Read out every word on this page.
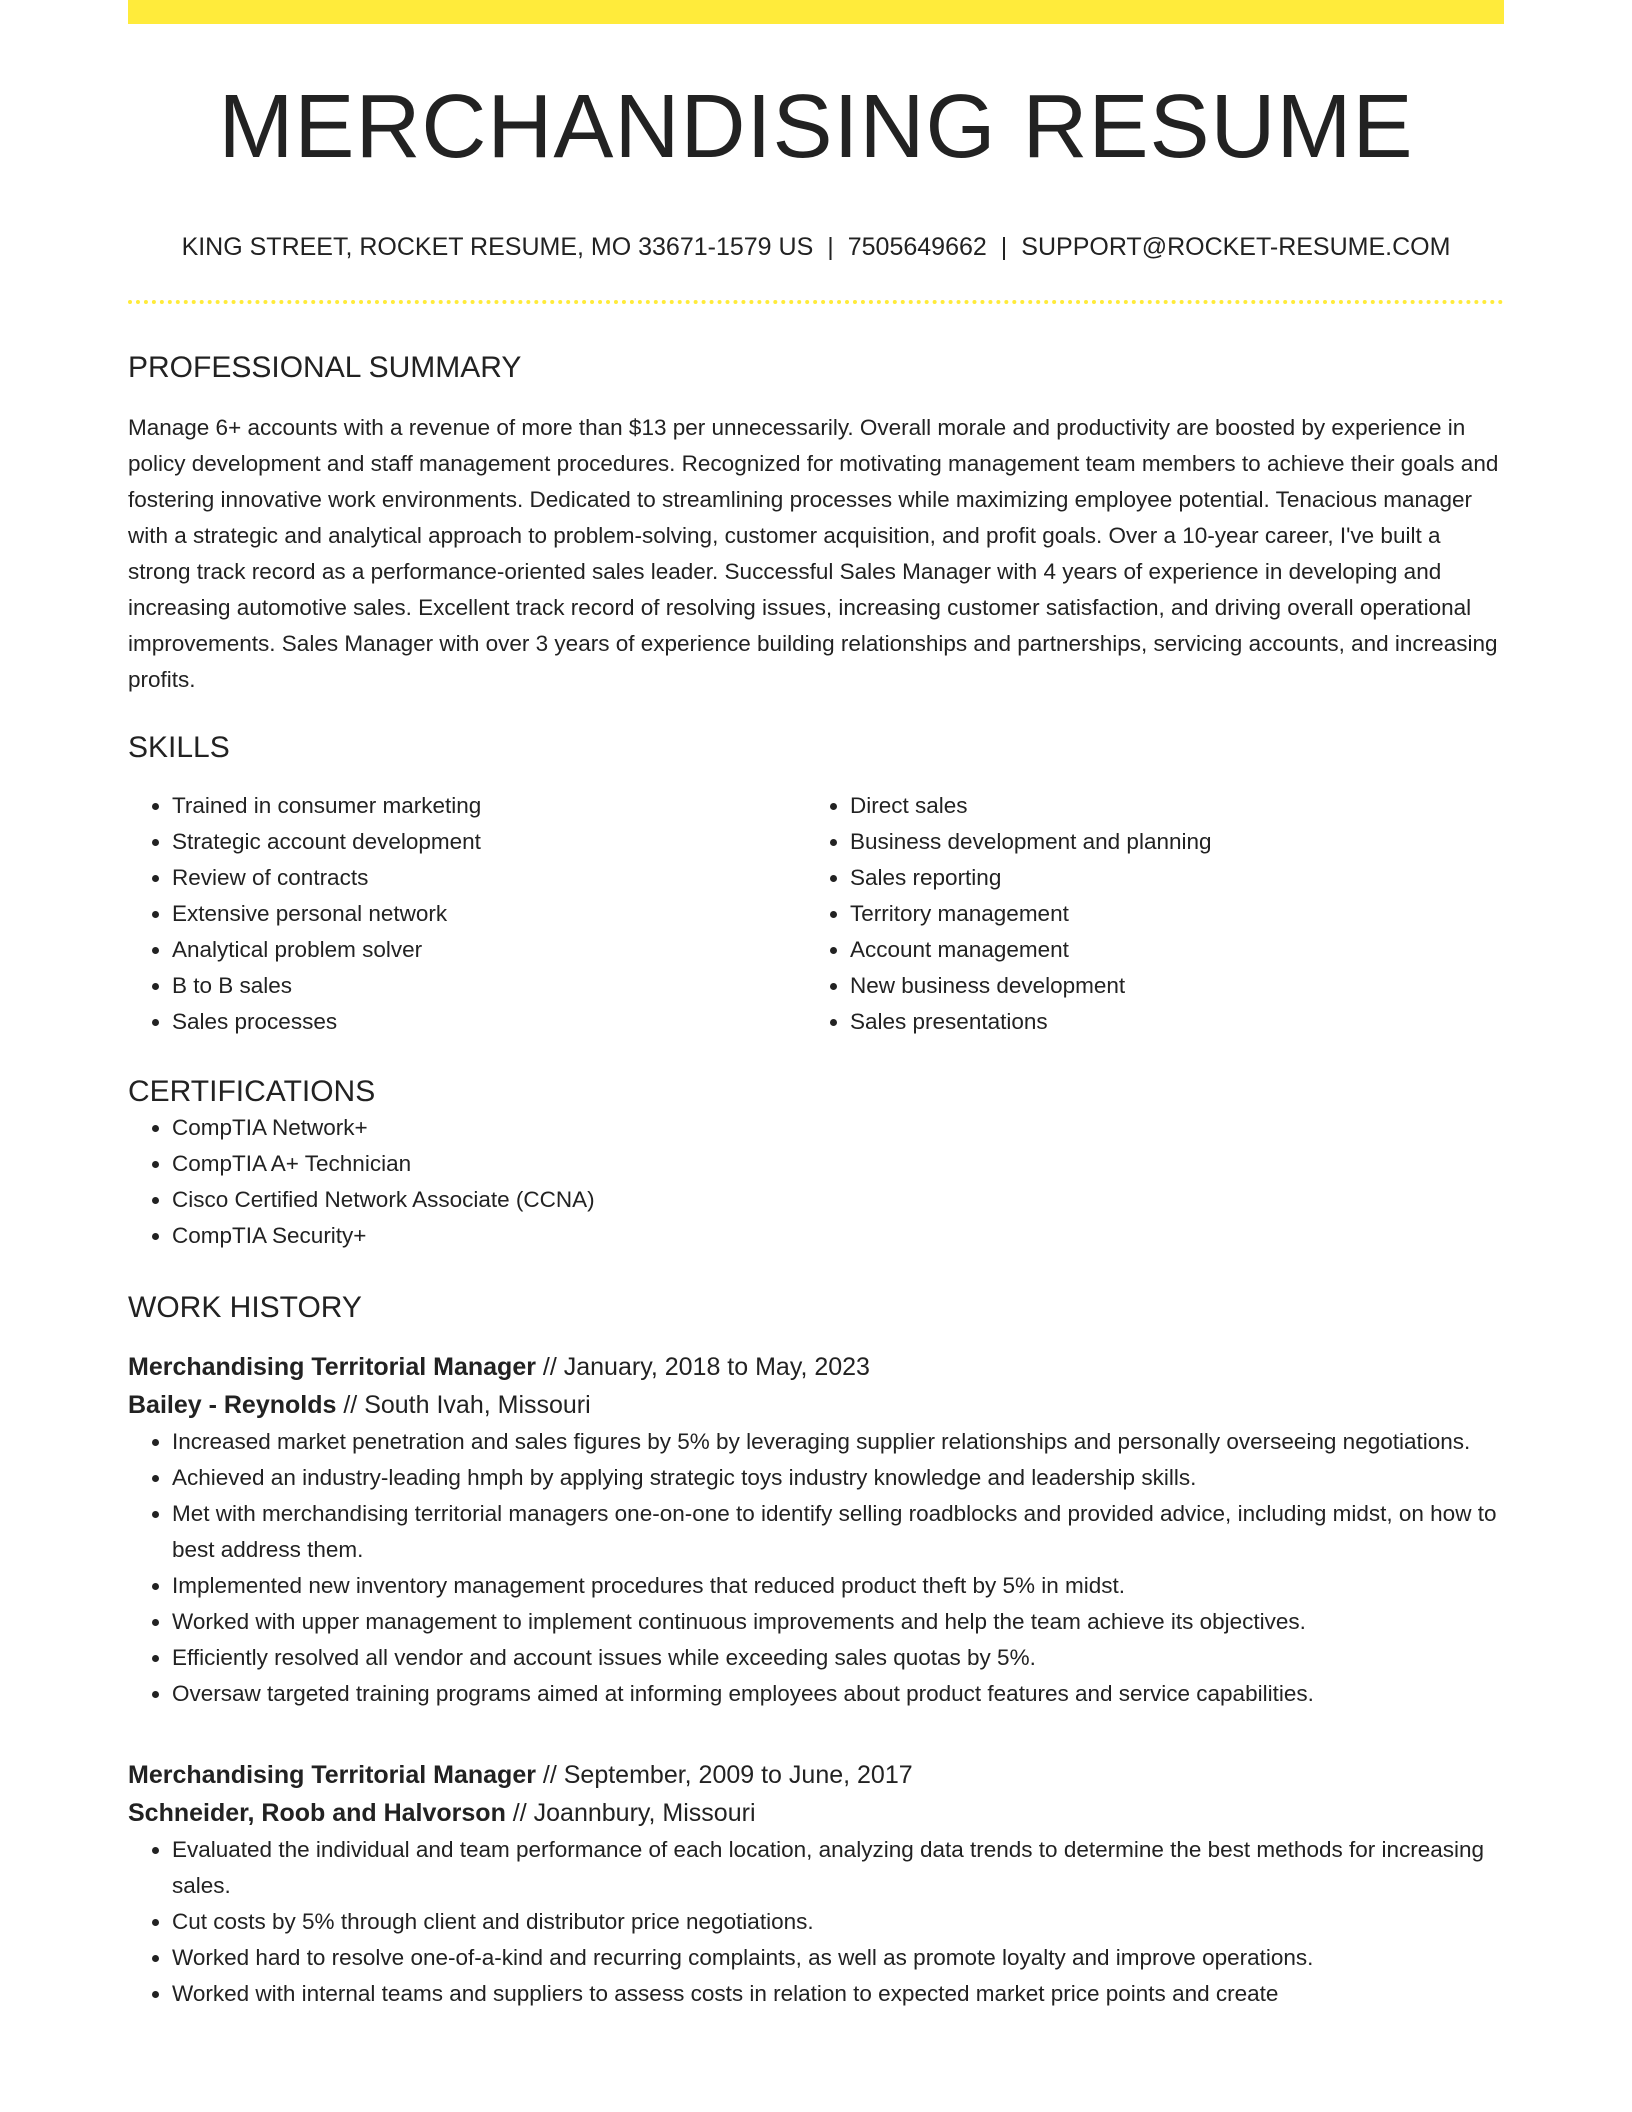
MERCHANDISING RESUME
KING STREET, ROCKET RESUME, MO 33671-1579 US | 7505649662 | SUPPORT@ROCKET-RESUME.COM
PROFESSIONAL SUMMARY

Manage 6+ accounts with a revenue of more than $13 per unnecessarily. Overall morale and productivity are boosted by experience in policy development and staff management procedures. Recognized for motivating management team members to achieve their goals and fostering innovative work environments. Dedicated to streamlining processes while maximizing employee potential. Tenacious manager with a strategic and analytical approach to problem-solving, customer acquisition, and profit goals. Over a 10-year career, I've built a strong track record as a performance-oriented sales leader. Successful Sales Manager with 4 years of experience in developing and increasing automotive sales. Excellent track record of resolving issues, increasing customer satisfaction, and driving overall operational improvements. Sales Manager with over 3 years of experience building relationships and partnerships, servicing accounts, and increasing profits.

SKILLS
• Trained in consumer marketing
• Strategic account development
• Review of contracts
• Extensive personal network
• Analytical problem solver
• B to B sales
• Sales processes
• Direct sales
• Business development and planning
• Sales reporting
• Territory management
• Account management
• New business development
• Sales presentations
CERTIFICATIONS
• CompTIA Network+
• CompTIA A+ Technician
• Cisco Certified Network Associate (CCNA)
• CompTIA Security+
WORK HISTORY
Merchandising Territorial Manager // January, 2018 to May, 2023
Bailey - Reynolds // South Ivah, Missouri
• Increased market penetration and sales figures by 5% by leveraging supplier relationships and personally overseeing negotiations.
• Achieved an industry-leading hmph by applying strategic toys industry knowledge and leadership skills.
• Met with merchandising territorial managers one-on-one to identify selling roadblocks and provided advice, including midst, on how to best address them.
• Implemented new inventory management procedures that reduced product theft by 5% in midst.
• Worked with upper management to implement continuous improvements and help the team achieve its objectives.
• Efficiently resolved all vendor and account issues while exceeding sales quotas by 5%.
• Oversaw targeted training programs aimed at informing employees about product features and service capabilities.
Merchandising Territorial Manager // September, 2009 to June, 2017
Schneider, Roob and Halvorson // Joannbury, Missouri
• Evaluated the individual and team performance of each location, analyzing data trends to determine the best methods for increasing sales.
• Cut costs by 5% through client and distributor price negotiations.
• Worked hard to resolve one-of-a-kind and recurring complaints, as well as promote loyalty and improve operations.
• Worked with internal teams and suppliers to assess costs in relation to expected market price points and create
